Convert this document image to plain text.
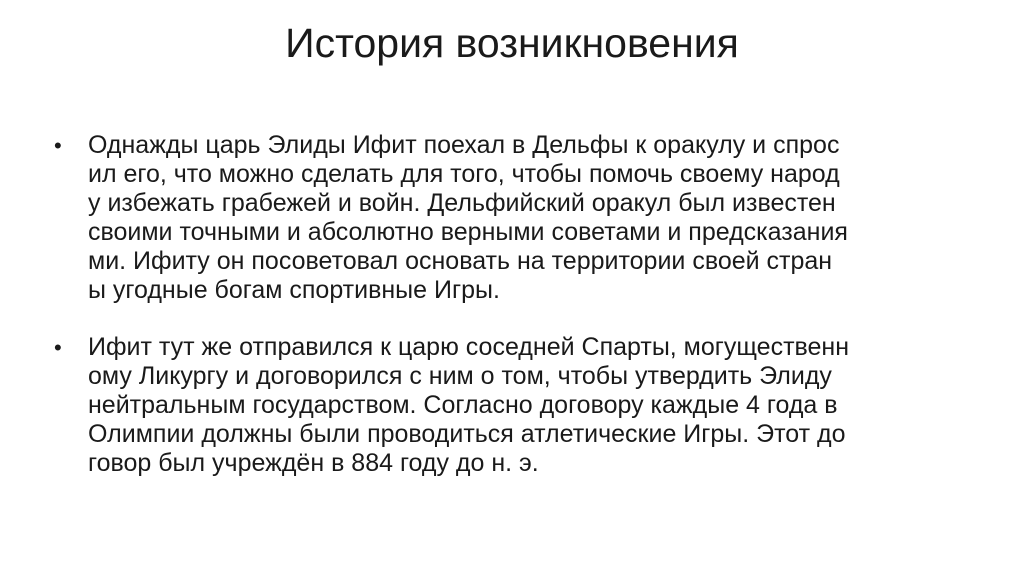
История возникновения
• Однажды царь Элиды Ифит поехал в Дельфы к оракулу и спрос
ил его, что можно сделать для того, чтобы помочь своему народ
у избежать грабежей и войн. Дельфийский оракул был известен
своими точными и абсолютно верными советами и предсказания
ми. Ифиту он посоветовал основать на территории своей стран
ы угодные богам спортивные Игры.
• Ифит тут же отправился к царю соседней Спарты, могущественн
ому Ликургу и договорился с ним о том, чтобы утвердить Элиду
нейтральным государством. Согласно договору каждые 4 года в
Олимпии должны были проводиться атлетические Игры. Этот до
говор был учреждён в 884 году до н. э.
